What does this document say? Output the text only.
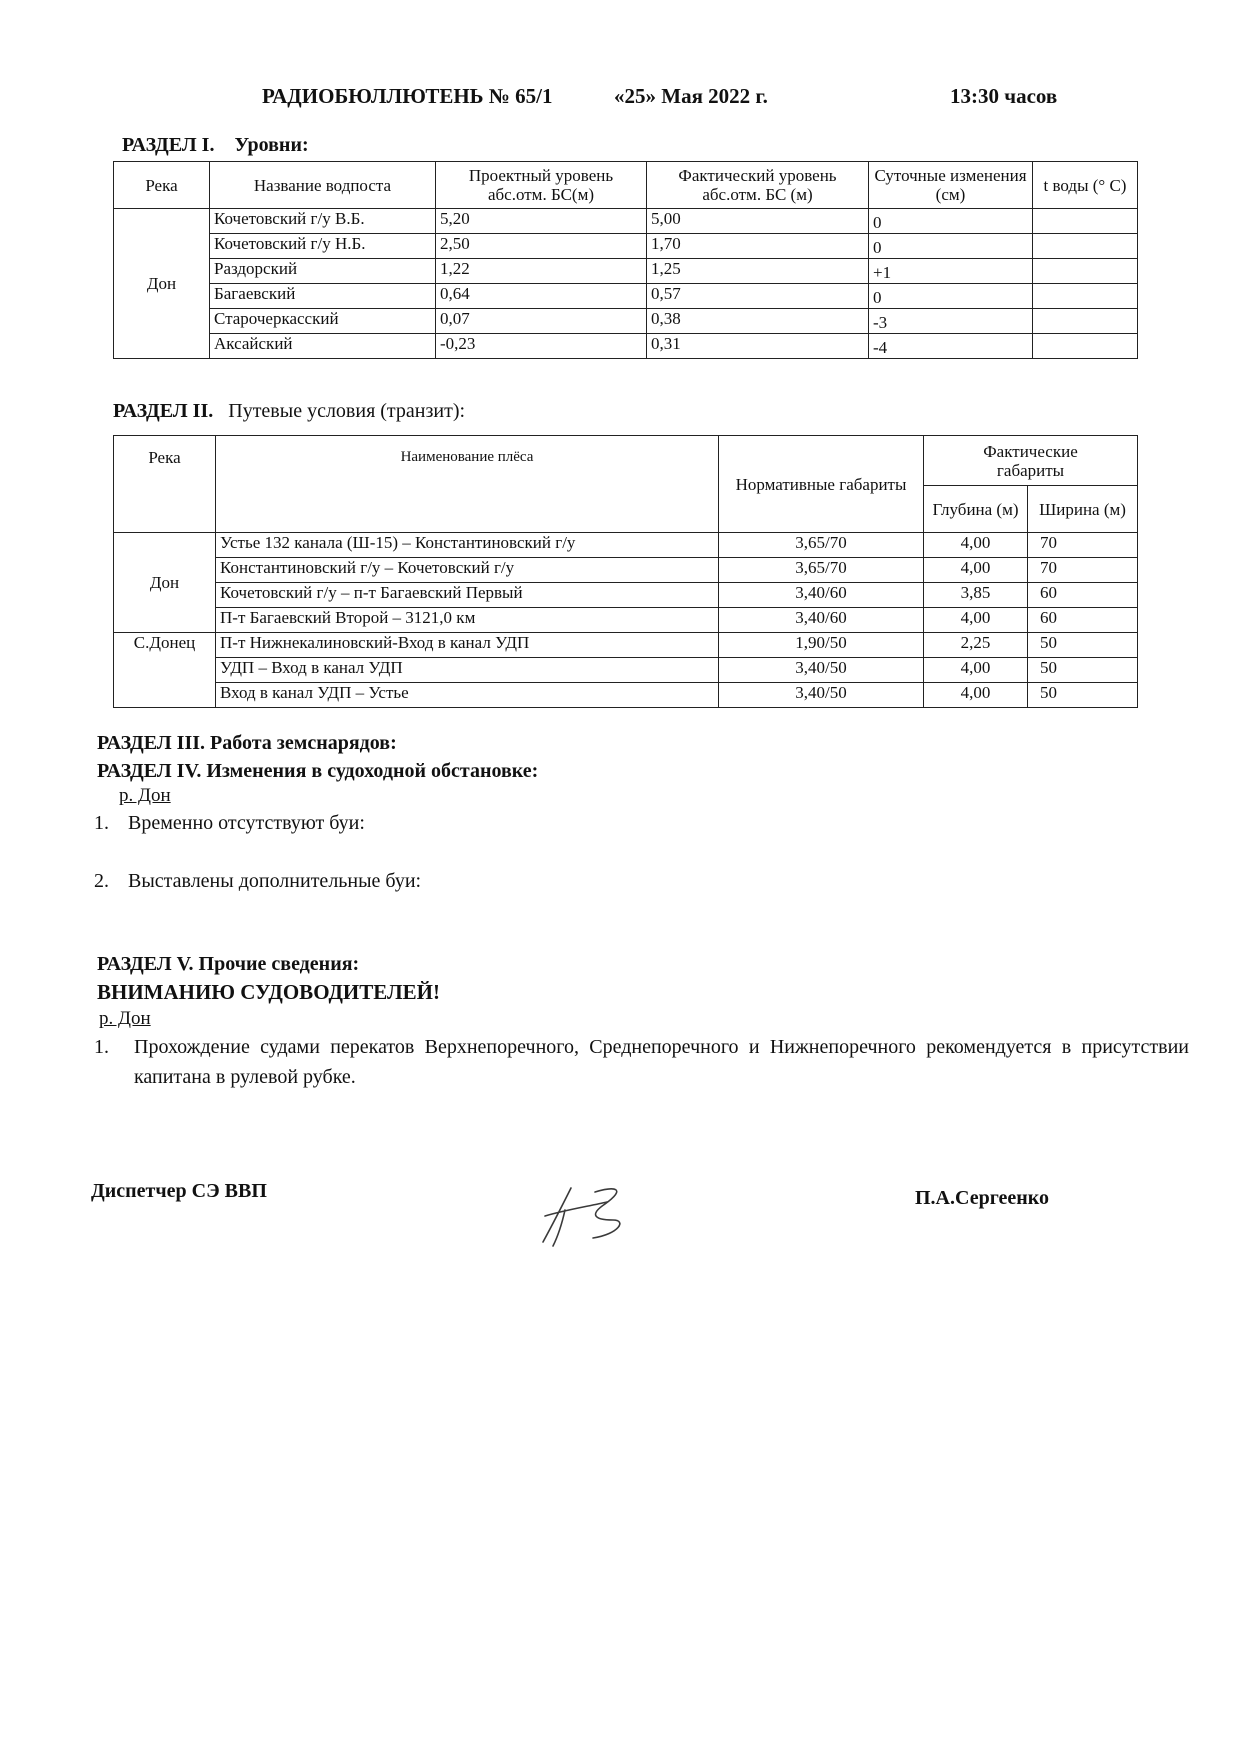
РАДИОБЮЛЛЮТЕНЬ № 65/1	«25» Мая 2022 г.	13:30 часов
РАЗДЕЛ I. Уровни:
Река	Название водпоста	Проектный уровень абс.отм. БС(м)	Фактический уровень абс.отм. БС (м)	Суточные изменения (см)	t воды (° C)
Дон	Кочетовский г/у В.Б.	5,20	5,00	0	
	Кочетовский г/у Н.Б.	2,50	1,70	0	
	Раздорский	1,22	1,25	+1	
	Багаевский	0,64	0,57	0	
	Старочеркасский	0,07	0,38	-3	
	Аксайский	-0,23	0,31	-4	
РАЗДЕЛ II. Путевые условия (транзит):
Река	Наименование плёса	Нормативные габариты	Фактические габариты	
			Глубина (м)	Ширина (м)
Дон	Устье 132 канала (Ш-15) – Константиновский г/у	3,65/70	4,00	70
	Константиновский г/у – Кочетовский г/у	3,65/70	4,00	70
	Кочетовский г/у – п-т Багаевский Первый	3,40/60	3,85	60
	П-т Багаевский Второй – 3121,0 км	3,40/60	4,00	60
С.Донец	П-т Нижнекалиновский-Вход в канал УДП	1,90/50	2,25	50
	УДП – Вход в канал УДП	3,40/50	4,00	50
	Вход в канал УДП – Устье	3,40/50	4,00	50
РАЗДЕЛ III. Работа земснарядов:
РАЗДЕЛ IV. Изменения в судоходной обстановке:
р. Дон
1. Временно отсутствуют буи:
2. Выставлены дополнительные буи:
РАЗДЕЛ V. Прочие сведения:
ВНИМАНИЮ СУДОВОДИТЕЛЕЙ!
р. Дон
1. Прохождение судами перекатов Верхнепоречного, Среднепоречного и Нижнепоречного рекомендуется в присутствии капитана в рулевой рубке.
Диспетчер СЭ ВВП	П.А.Сергеенко
